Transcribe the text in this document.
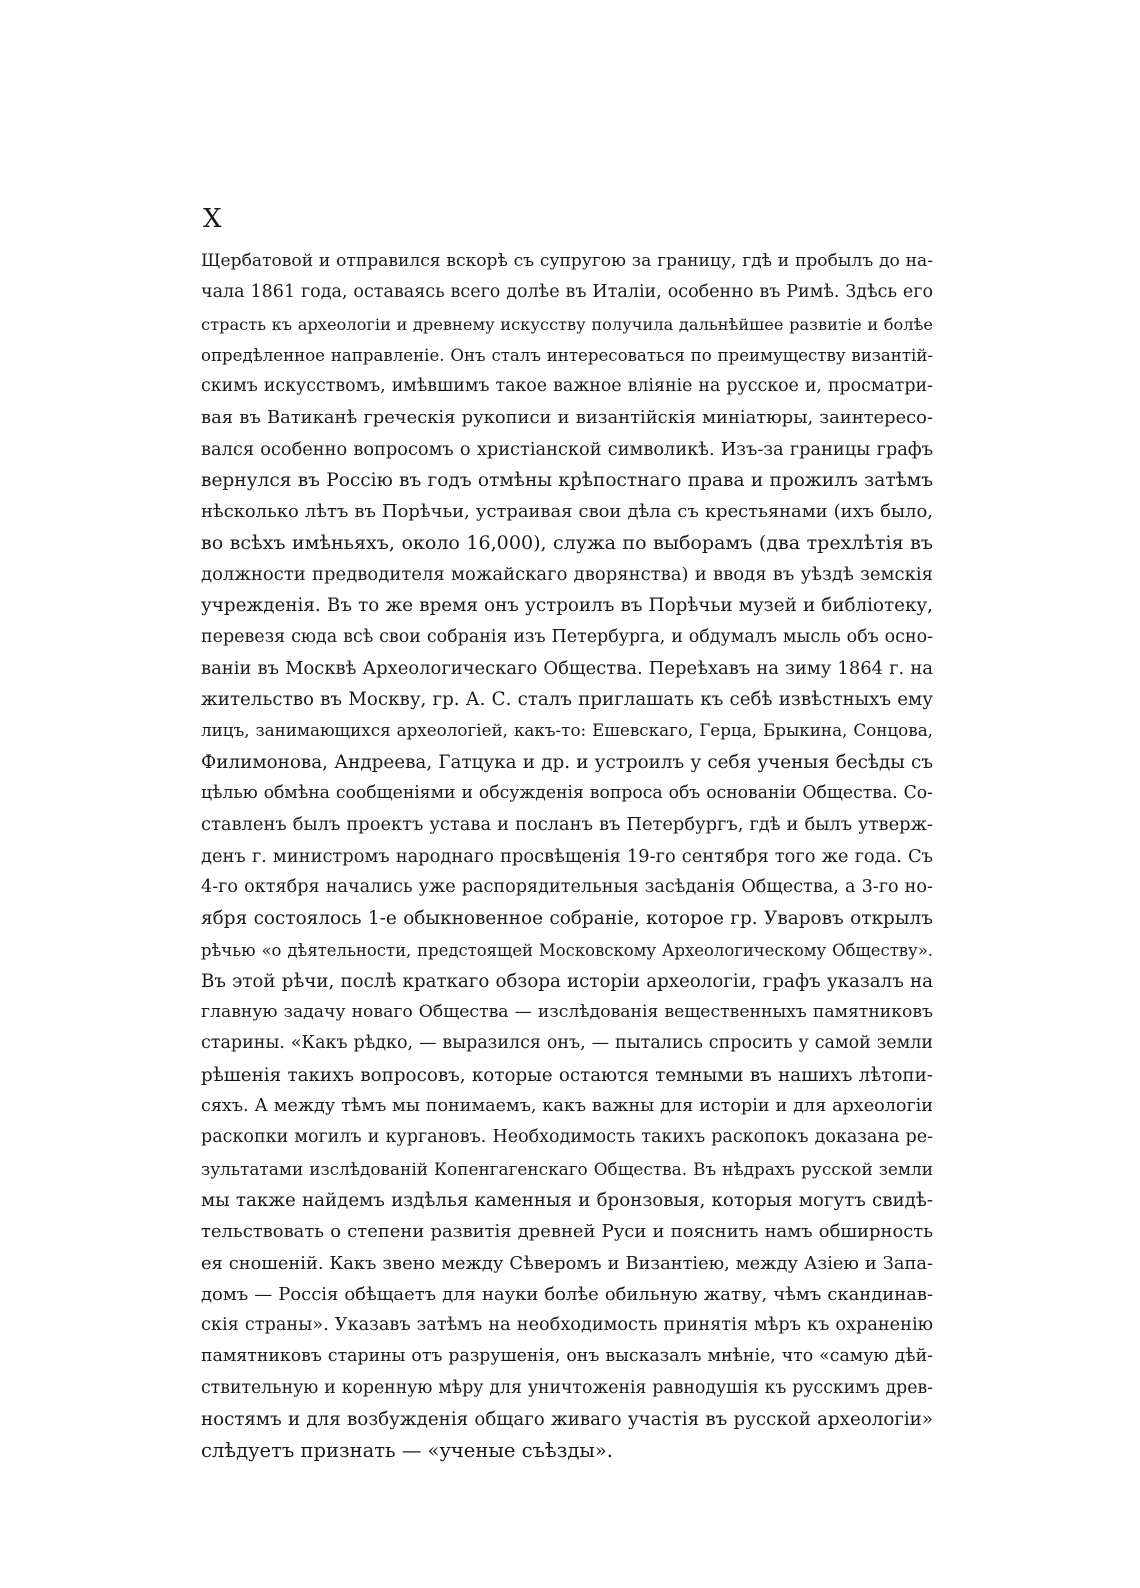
X
Щербатовой и отправился вскорѣ съ супругою за границу, гдѣ и пробылъ до на-
чала 1861 года, оставаясь всего долѣе въ Италіи, особенно въ Римѣ. Здѣсь его
страсть къ археологіи и древнему искусству получила дальнѣйшее развитіе и болѣе
опредѣленное направленіе. Онъ сталъ интересоваться по преимуществу византій-
скимъ искусствомъ, имѣвшимъ такое важное вліяніе на русское и, просматри-
вая въ Ватиканѣ греческія рукописи и византійскія миніатюры, заинтересо-
вался особенно вопросомъ о христіанской символикѣ. Изъ-за границы графъ
вернулся въ Россію въ годъ отмѣны крѣпостнаго права и прожилъ затѣмъ
нѣсколько лѣтъ въ Порѣчьи, устраивая свои дѣла съ крестьянами (ихъ было,
во всѣхъ имѣньяхъ, около 16,000), служа по выборамъ (два трехлѣтія въ
должности предводителя можайскаго дворянства) и вводя въ уѣздѣ земскія
учрежденія. Въ то же время онъ устроилъ въ Порѣчьи музей и библіотеку,
перевезя сюда всѣ свои собранія изъ Петербурга, и обдумалъ мысль объ осно-
ваніи въ Москвѣ Археологическаго Общества. Переѣхавъ на зиму 1864 г. на
жительство въ Москву, гр. А. С. сталъ приглашать къ себѣ извѣстныхъ ему
лицъ, занимающихся археологіей, какъ-то: Ешевскаго, Герца, Брыкина, Сонцова,
Филимонова, Андреева, Гатцука и др. и устроилъ у себя ученыя бесѣды съ
цѣлью обмѣна сообщеніями и обсужденія вопроса объ основаніи Общества. Со-
ставленъ былъ проектъ устава и посланъ въ Петербургъ, гдѣ и былъ утверж-
денъ г. министромъ народнаго просвѣщенія 19-го сентября того же года. Съ
4-го октября начались уже распорядительныя засѣданія Общества, а 3-го но-
ября состоялось 1-е обыкновенное собраніе, которое гр. Уваровъ открылъ
рѣчью «о дѣятельности, предстоящей Московскому Археологическому Обществу».
Въ этой рѣчи, послѣ краткаго обзора исторіи археологіи, графъ указалъ на
главную задачу новаго Общества — изслѣдованія вещественныхъ памятниковъ
старины. «Какъ рѣдко, — выразился онъ, — пытались спросить у самой земли
рѣшенія такихъ вопросовъ, которые остаются темными въ нашихъ лѣтопи-
сяхъ. А между тѣмъ мы понимаемъ, какъ важны для исторіи и для археологіи
раскопки могилъ и кургановъ. Необходимость такихъ раскопокъ доказана ре-
зультатами изслѣдованій Копенгагенскаго Общества. Въ нѣдрахъ русской земли
мы также найдемъ издѣлья каменныя и бронзовыя, которыя могутъ свидѣ-
тельствовать о степени развитія древней Руси и пояснить намъ обширность
ея сношеній. Какъ звено между Сѣверомъ и Византіею, между Азіею и Запа-
домъ — Россія обѣщаетъ для науки болѣе обильную жатву, чѣмъ скандинав-
скія страны». Указавъ затѣмъ на необходимость принятія мѣръ къ охраненію
памятниковъ старины отъ разрушенія, онъ высказалъ мнѣніе, что «самую дѣй-
ствительную и коренную мѣру для уничтоженія равнодушія къ русскимъ древ-
ностямъ и для возбужденія общаго живаго участія въ русской археологіи»
слѣдуетъ признать — «ученые съѣзды».
